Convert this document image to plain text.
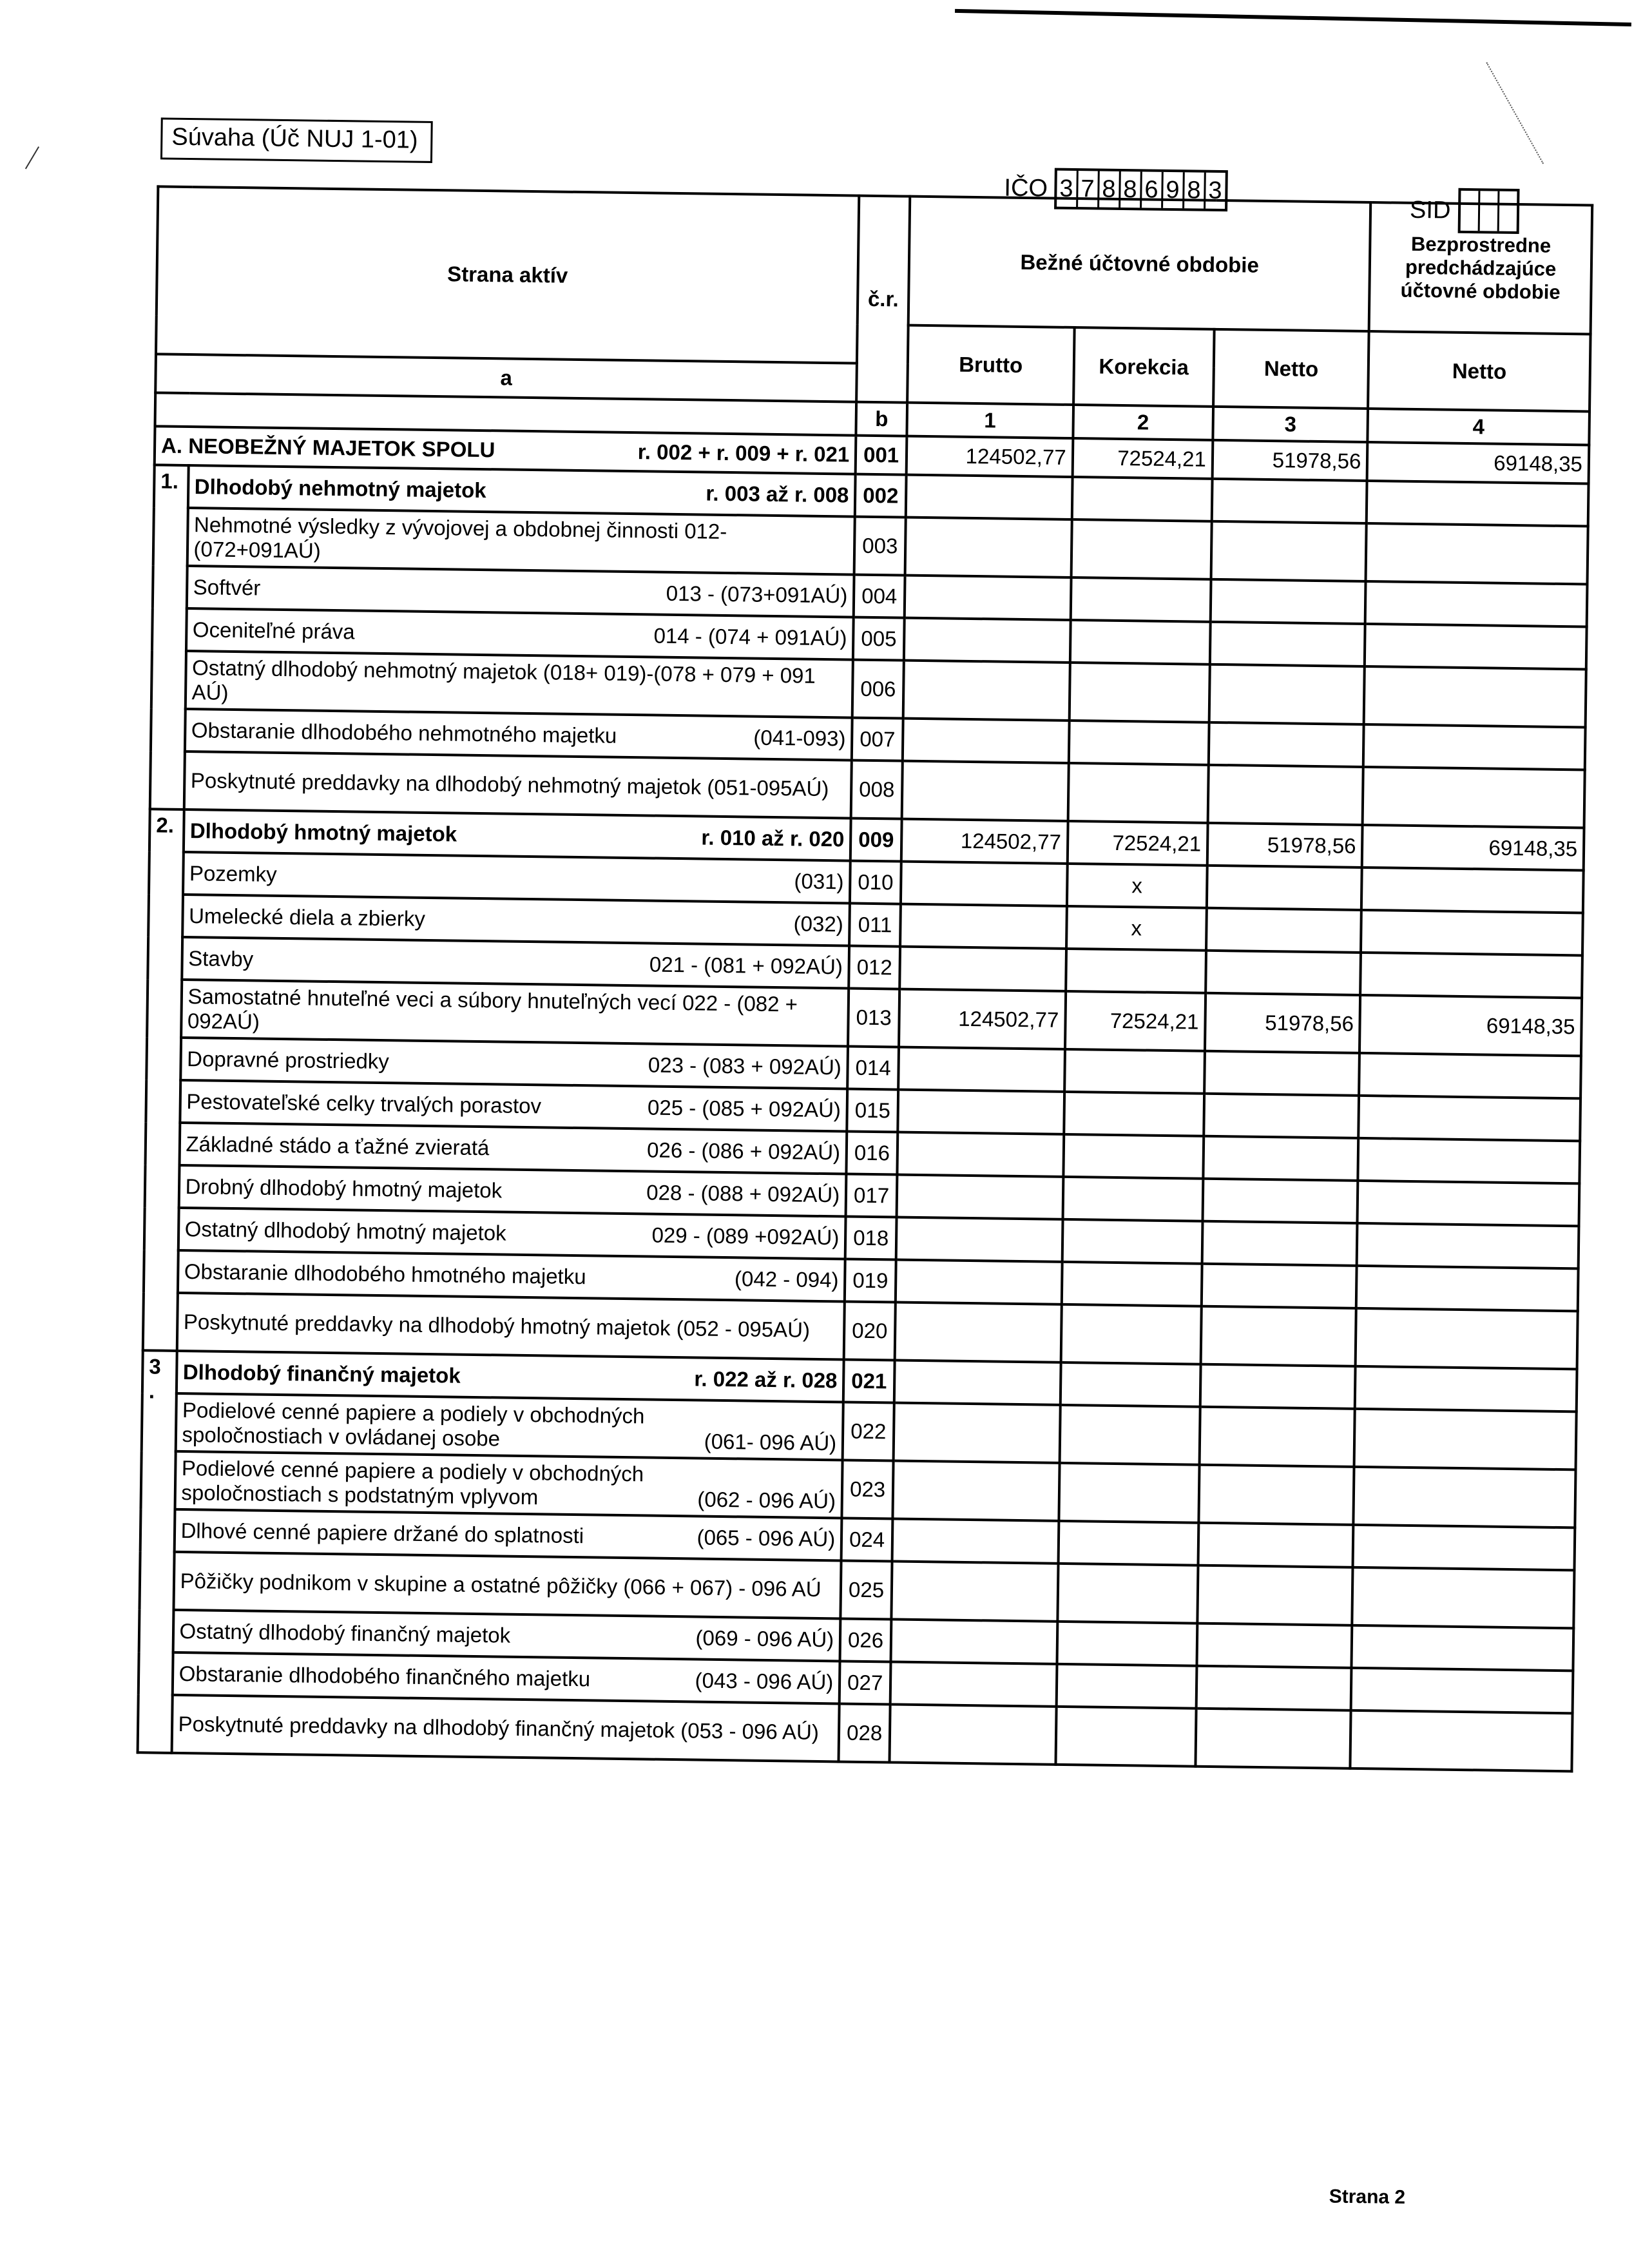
Súvaha (Úč NUJ 1-01)
IČO 3 7 8 8 6 9 8 3
SID
Strana aktív		č.r.	Bežné účtovné obdobie			Bezprostredne predchádzajúce účtovné obdobie
			Brutto	Korekcia	Netto	Netto
a						
		b	1	2	3	4

A. NEOBEŽNÝ MAJETOK SPOLU r. 002 + r. 009 + r. 021		001	124502,77	72524,21	51978,56	69148,35
1.	Dlhodobý nehmotný majetok r. 003 až r. 008	002				

	Nehmotné výsledky z vývojovej a obdobnej činnosti 012-(072+091AÚ)	003				

	Softvér 013 - (073+091AÚ)	004				

	Oceniteľné práva 014 - (074 + 091AÚ)	005				

	Ostatný dlhodobý nehmotný majetok (018+ 019)-(078 + 079 + 091 AÚ)	006				

	Obstaranie dlhodobého nehmotného majetku (041-093)	007				

	Poskytnuté preddavky na dlhodobý nehmotný majetok (051-095AÚ)	008				
2.	Dlhodobý hmotný majetok r. 010 až r. 020	009	124502,77	72524,21	51978,56	69148,35

	Pozemky (031)	010		x		

	Umelecké diela a zbierky (032)	011		x		

	Stavby 021 - (081 + 092AÚ)	012				

	Samostatné hnuteľné veci a súbory hnuteľných vecí 022 - (082 + 092AÚ)	013	124502,77	72524,21	51978,56	69148,35

	Dopravné prostriedky 023 - (083 + 092AÚ)	014				

	Pestovateľské celky trvalých porastov 025 - (085 + 092AÚ)	015				

	Základné stádo a ťažné zvieratá 026 - (086 + 092AÚ)	016				

	Drobný dlhodobý hmotný majetok 028 - (088 + 092AÚ)	017				

	Ostatný dlhodobý hmotný majetok 029 - (089 +092AÚ)	018				

	Obstaranie dlhodobého hmotného majetku (042 - 094)	019				

	Poskytnuté preddavky na dlhodobý hmotný majetok (052 - 095AÚ)	020				
3 .	Dlhodobý finančný majetok r. 022 až r. 028	021				

	Podielové cenné papiere a podiely v obchodných spoločnostiach v ovládanej osobe (061- 096 AÚ)	022				

	Podielové cenné papiere a podiely v obchodných spoločnostiach s podstatným vplyvom (062 - 096 AÚ)	023				

	Dlhové cenné papiere držané do splatnosti (065 - 096 AÚ)	024				

	Pôžičky podnikom v skupine a ostatné pôžičky (066 + 067) - 096 AÚ	025				

	Ostatný dlhodobý finančný majetok (069 - 096 AÚ)	026				

	Obstaranie dlhodobého finančného majetku (043 - 096 AÚ)	027				

	Poskytnuté preddavky na dlhodobý finančný majetok (053 - 096 AÚ)	028				
Strana 2
